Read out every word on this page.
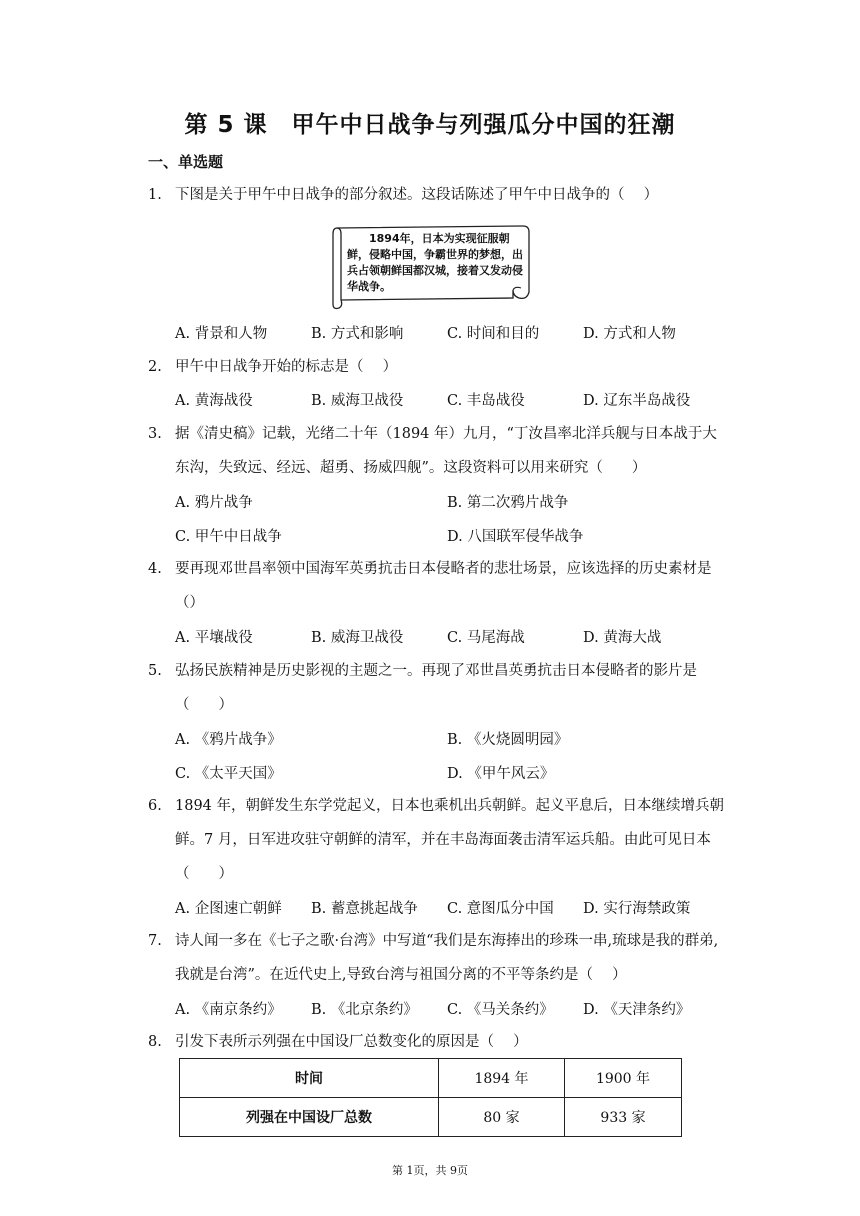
第 5 课　甲午中日战争与列强瓜分中国的狂潮
一、单选题
1. 下图是关于甲午中日战争的部分叙述。这段话陈述了甲午中日战争的（　 ）
　　1894年，日本为实现征服朝鲜，侵略中国，争霸世界的梦想，出兵占领朝鲜国都汉城，接着又发动侵华战争。
A. 背景和人物	B. 方式和影响	C. 时间和目的	D. 方式和人物
2. 甲午中日战争开始的标志是（　 ）
A. 黄海战役	B. 威海卫战役	C. 丰岛战役	D. 辽东半岛战役
3. 据《清史稿》记载，光绪二十年（1894 年）九月，“丁汝昌率北洋兵舰与日本战于大东沟，失致远、经远、超勇、扬威四舰”。这段资料可以用来研究（　　）
A. 鸦片战争	B. 第二次鸦片战争
C. 甲午中日战争	D. 八国联军侵华战争
4. 要再现邓世昌率领中国海军英勇抗击日本侵略者的悲壮场景，应该选择的历史素材是（）
A. 平壤战役	B. 威海卫战役	C. 马尾海战	D. 黄海大战
5. 弘扬民族精神是历史影视的主题之一。再现了邓世昌英勇抗击日本侵略者的影片是（　　）
A. 《鸦片战争》	B. 《火烧圆明园》
C. 《太平天国》	D. 《甲午风云》
6. 1894 年，朝鲜发生东学党起义，日本也乘机出兵朝鲜。起义平息后，日本继续增兵朝鲜。7 月，日军进攻驻守朝鲜的清军，并在丰岛海面袭击清军运兵船。由此可见日本（　　）
A. 企图速亡朝鲜 B. 蓄意挑起战争 C. 意图瓜分中国 D. 实行海禁政策
7. 诗人闻一多在《七子之歌·台湾》中写道“我们是东海捧出的珍珠一串,琉球是我的群弟,我就是台湾”。在近代史上,导致台湾与祖国分离的不平等条约是（　 ）
A. 《南京条约》 B. 《北京条约》 C. 《马关条约》 D. 《天津条约》
8. 引发下表所示列强在中国设厂总数变化的原因是（　 ）
时间	1894 年	1900 年
列强在中国设厂总数	80 家	933 家
第 1页，共 9页
